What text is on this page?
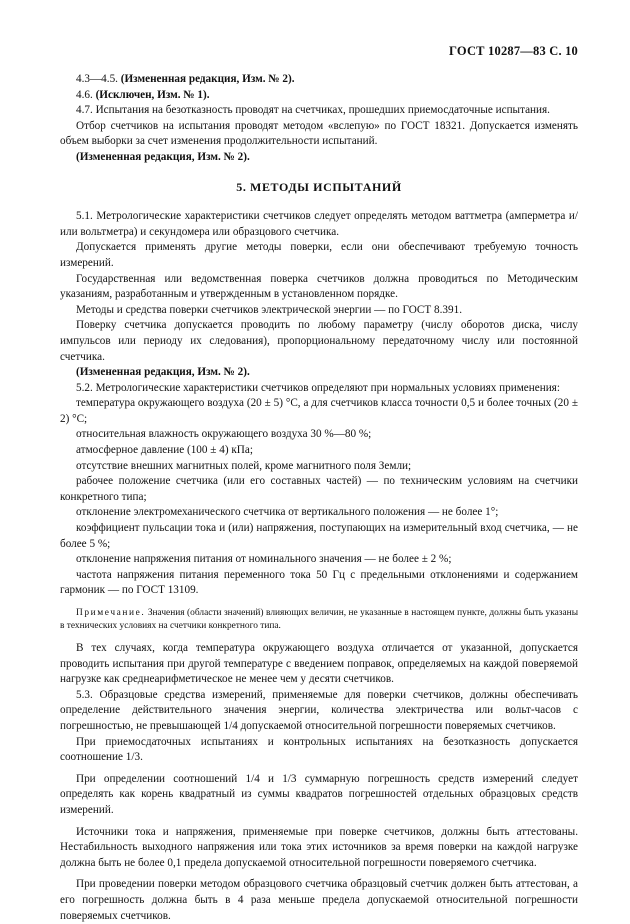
ГОСТ 10287—83 С. 10

4.3—4.5. (Измененная редакция, Изм. № 2).

4.6. (Исключен, Изм. № 1).

4.7. Испытания на безотказность проводят на счетчиках, прошедших приемосдаточные испытания.

Отбор счетчиков на испытания проводят методом «вслепую» по ГОСТ 18321. Допускается изменять объем выборки за счет изменения продолжительности испытаний.

(Измененная редакция, Изм. № 2).

5. МЕТОДЫ ИСПЫТАНИЙ

5.1. Метрологические характеристики счетчиков следует определять методом ваттметра (амперметра и/или вольтметра) и секундомера или образцового счетчика.

Допускается применять другие методы поверки, если они обеспечивают требуемую точность измерений.

Государственная или ведомственная поверка счетчиков должна проводиться по Методическим указаниям, разработанным и утвержденным в установленном порядке.

Методы и средства поверки счетчиков электрической энергии — по ГОСТ 8.391.

Поверку счетчика допускается проводить по любому параметру (числу оборотов диска, числу импульсов или периоду их следования), пропорциональному передаточному числу или постоянной счетчика.

(Измененная редакция, Изм. № 2).

5.2. Метрологические характеристики счетчиков определяют при нормальных условиях применения:

температура окружающего воздуха (20 ± 5) °С, а для счетчиков класса точности 0,5 и более точных (20 ± 2) °С;

относительная влажность окружающего воздуха 30 %—80 %;

атмосферное давление (100 ± 4) кПа;

отсутствие внешних магнитных полей, кроме магнитного поля Земли;

рабочее положение счетчика (или его составных частей) — по техническим условиям на счетчики конкретного типа;

отклонение электромеханического счетчика от вертикального положения — не более 1°;

коэффициент пульсации тока и (или) напряжения, поступающих на измерительный вход счетчика, — не более 5 %;

отклонение напряжения питания от номинального значения — не более ± 2 %;

частота напряжения питания переменного тока 50 Гц с предельными отклонениями и содержанием гармоник — по ГОСТ 13109.

Примечание. Значения (области значений) влияющих величин, не указанные в настоящем пункте, должны быть указаны в технических условиях на счетчики конкретного типа.

В тех случаях, когда температура окружающего воздуха отличается от указанной, допускается проводить испытания при другой температуре с введением поправок, определяемых на каждой поверяемой нагрузке как среднеарифметическое не менее чем у десяти счетчиков.

5.3. Образцовые средства измерений, применяемые для поверки счетчиков, должны обеспечивать определение действительного значения энергии, количества электричества или вольт-часов с погрешностью, не превышающей 1/4 допускаемой относительной погрешности поверяемых счетчиков.

При приемосдаточных испытаниях и контрольных испытаниях на безотказность допускается соотношение 1/3.

При определении соотношений 1/4 и 1/3 суммарную погрешность средств измерений следует определять как корень квадратный из суммы квадратов погрешностей отдельных образцовых средств измерений.

Источники тока и напряжения, применяемые при поверке счетчиков, должны быть аттестованы. Нестабильность выходного напряжения или тока этих источников за время поверки на каждой нагрузке должна быть не более 0,1 предела допускаемой относительной погрешности поверяемого счетчика.

При проведении поверки методом образцового счетчика образцовый счетчик должен быть аттестован, а его погрешность должна быть в 4 раза меньше предела допускаемой относительной погрешности поверяемых счетчиков.
